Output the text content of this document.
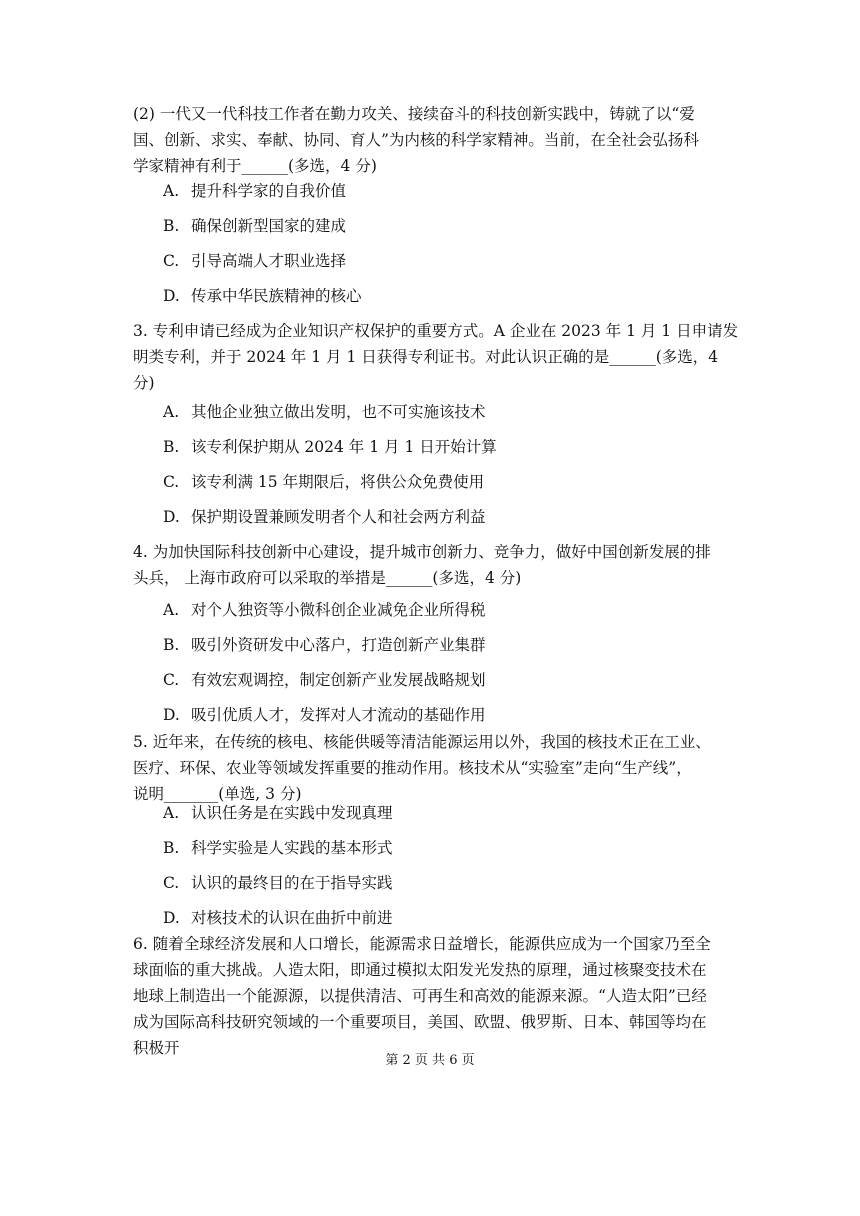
(2) 一代又一代科技工作者在勤力攻关、接续奋斗的科技创新实践中，铸就了以“爱
国、创新、求实、奉献、协同、育人”为内核的科学家精神。当前，在全社会弘扬科
学家精神有利于______(多选，4 分)
A. 提升科学家的自我价值
B. 确保创新型国家的建成
C. 引导高端人才职业选择
D. 传承中华民族精神的核心
3. 专利申请已经成为企业知识产权保护的重要方式。A 企业在 2023 年 1 月 1 日申请发
明类专利，并于 2024 年 1 月 1 日获得专利证书。对此认识正确的是______(多选，4
分)
A. 其他企业独立做出发明，也不可实施该技术
B. 该专利保护期从 2024 年 1 月 1 日开始计算
C. 该专利满 15 年期限后，将供公众免费使用
D. 保护期设置兼顾发明者个人和社会两方利益
4. 为加快国际科技创新中心建设，提升城市创新力、竞争力，做好中国创新发展的排
头兵， 上海市政府可以采取的举措是______(多选，4 分)
A. 对个人独资等小微科创企业减免企业所得税
B. 吸引外资研发中心落户，打造创新产业集群
C. 有效宏观调控，制定创新产业发展战略规划
D. 吸引优质人才，发挥对人才流动的基础作用
5. 近年来，在传统的核电、核能供暖等清洁能源运用以外，我国的核技术正在工业、
医疗、环保、农业等领域发挥重要的推动作用。核技术从“实验室”走向“生产线”，
说明_______(单选, 3 分)
A. 认识任务是在实践中发现真理
B. 科学实验是人实践的基本形式
C. 认识的最终目的在于指导实践
D. 对核技术的认识在曲折中前进
6. 随着全球经济发展和人口增长，能源需求日益增长，能源供应成为一个国家乃至全
球面临的重大挑战。人造太阳，即通过模拟太阳发光发热的原理，通过核聚变技术在
地球上制造出一个能源源，以提供清洁、可再生和高效的能源来源。“人造太阳”已经
成为国际高科技研究领域的一个重要项目，美国、欧盟、俄罗斯、日本、韩国等均在
积极开
第 2 页 共 6 页
